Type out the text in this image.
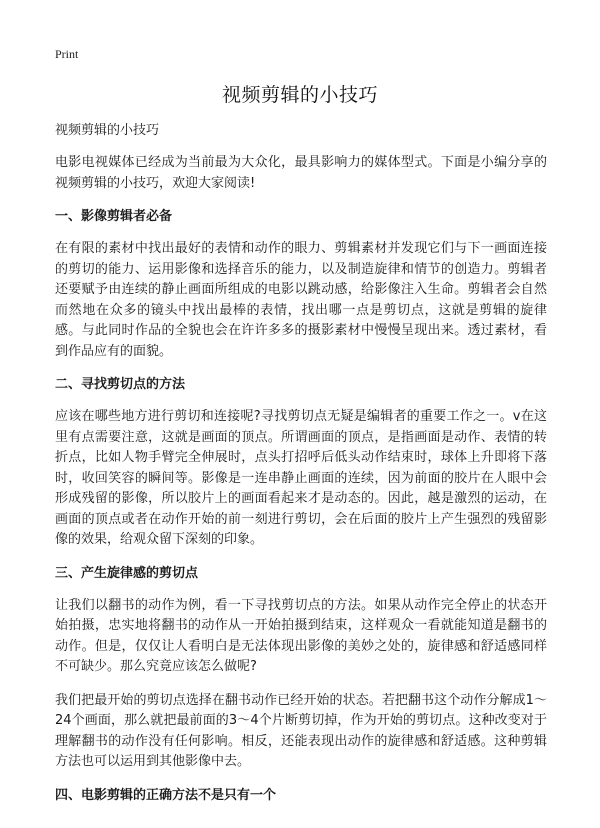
Print
视频剪辑的小技巧
视频剪辑的小技巧

电影电视媒体已经成为当前最为大众化，最具影响力的媒体型式。下面是小编分享的视频剪辑的小技巧，欢迎大家阅读!

一、影像剪辑者必备

在有限的素材中找出最好的表情和动作的眼力、剪辑素材并发现它们与下一画面连接的剪切的能力、运用影像和选择音乐的能力，以及制造旋律和情节的创造力。剪辑者还要赋予由连续的静止画面所组成的电影以跳动感，给影像注入生命。剪辑者会自然而然地在众多的镜头中找出最棒的表情，找出哪一点是剪切点，这就是剪辑的旋律感。与此同时作品的全貌也会在许许多多的摄影素材中慢慢呈现出来。透过素材，看到作品应有的面貌。

二、寻找剪切点的方法

应该在哪些地方进行剪切和连接呢?寻找剪切点无疑是编辑者的重要工作之一。v在这里有点需要注意，这就是画面的顶点。所谓画面的顶点，是指画面是动作、表情的转折点，比如人物手臂完全伸展时，点头打招呼后低头动作结束时，球体上升即将下落时，收回笑容的瞬间等。影像是一连串静止画面的连续，因为前面的胶片在人眼中会形成残留的影像，所以胶片上的画面看起来才是动态的。因此，越是激烈的运动，在画面的顶点或者在动作开始的前一刻进行剪切，会在后面的胶片上产生强烈的残留影像的效果，给观众留下深刻的印象。

三、产生旋律感的剪切点

让我们以翻书的动作为例，看一下寻找剪切点的方法。如果从动作完全停止的状态开始拍摄，忠实地将翻书的动作从一开始拍摄到结束，这样观众一看就能知道是翻书的动作。但是，仅仅让人看明白是无法体现出影像的美妙之处的，旋律感和舒适感同样不可缺少。那么究竟应该怎么做呢?

我们把最开始的剪切点选择在翻书动作已经开始的状态。若把翻书这个动作分解成1～24个画面，那么就把最前面的3～4个片断剪切掉，作为开始的剪切点。这种改变对于理解翻书的动作没有任何影响。相反，还能表现出动作的旋律感和舒适感。这种剪辑方法也可以运用到其他影像中去。

四、电影剪辑的正确方法不是只有一个
